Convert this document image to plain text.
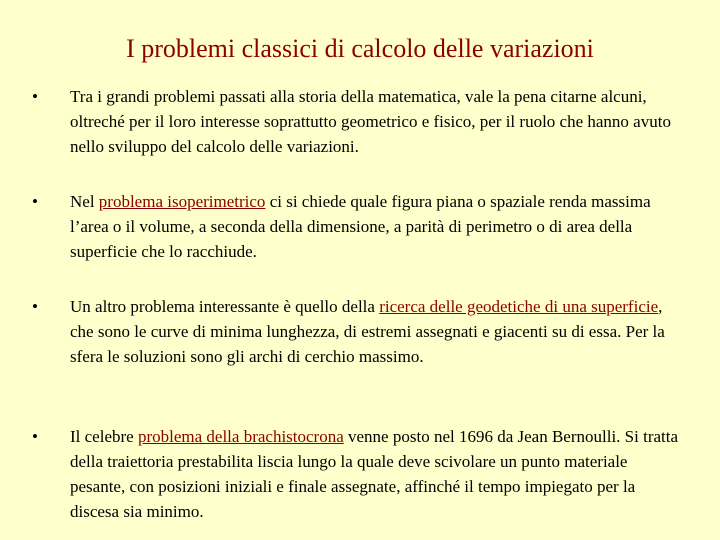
I problemi classici di calcolo delle variazioni
• Tra i grandi problemi passati alla storia della matematica, vale la pena citarne alcuni, oltreché per il loro interesse soprattutto geometrico e fisico, per il ruolo che hanno avuto nello sviluppo del calcolo delle variazioni.
• Nel problema isoperimetrico ci si chiede quale figura piana o spaziale renda massima l’area o il volume, a seconda della dimensione, a parità di perimetro o di area della superficie che lo racchiude.
• Un altro problema interessante è quello della ricerca delle geodetiche di una superficie, che sono le curve di minima lunghezza, di estremi assegnati e giacenti su di essa. Per la sfera le soluzioni sono gli archi di cerchio massimo.
• Il celebre problema della brachistocrona venne posto nel 1696 da Jean Bernoulli. Si tratta della traiettoria prestabilita liscia lungo la quale deve scivolare un punto materiale pesante, con posizioni iniziali e finale assegnate, affinché il tempo impiegato per la discesa sia minimo.
